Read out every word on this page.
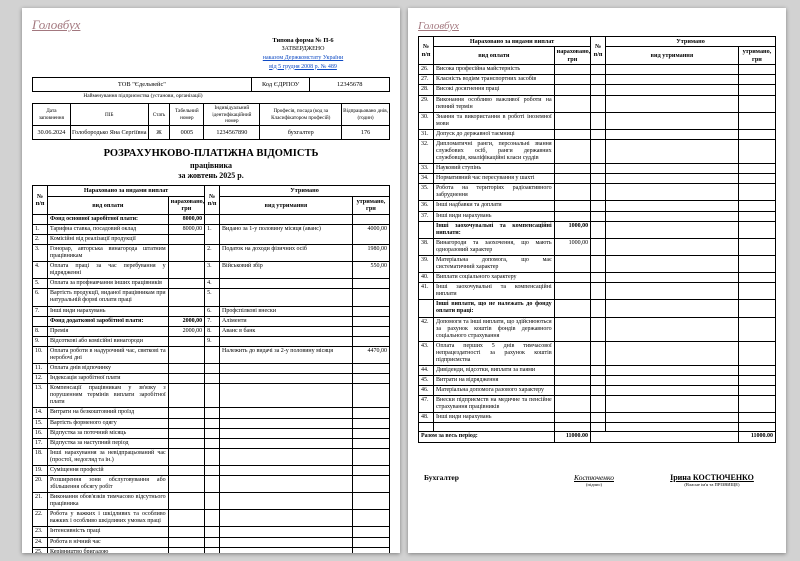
Головбух
Типова форма № П-6
ЗАТВЕРДЖЕНО
наказом Держкомстату України
від 5 грудня 2008 р. № 489
ТОВ "Єдельвейс"	Код ЄДРПОУ	12345678
Найменування підприємства (установи, організації)
Дата заповнення	ПІБ	Стать	Табельний номер	Індивідуальний ідентифікаційний номер	Професія, посада (код за Класифікатором професій)	Відпрацьовано днів, (годин)
30.06.2024	Голобородько Яна Сергіївна	Ж	0005	1234567890	бухгалтер	176
РОЗРАХУНКОВО-ПЛАТІЖНА ВІДОМІСТЬ
працівника
за жовтень 2025 р.
№ п/п	Нараховано за видами виплат		№ п/п	Утримано	
	вид оплати	нараховано, грн		вид утримання	утримано, грн
	Фонд основної заробітної плати:	8000,00			
1.	Тарифна ставка, посадовий оклад	8000,00	1.	Видано за 1-у половину місяця (аванс)	4000,00
2.	Комісійні від реалізації продукції				
3.	Гонорар, авторська винагорода штатним працівникам		2.	Податок на доходи фізичних осіб	1980,00
4.	Оплата праці за час перебування у відрядженні		3.	Військовий збір	550,00
5.	Оплата за профнавчання інших працівників		4.		
6.	Вартість продукції, виданої працівникам при натуральній формі оплати праці		5.		
7.	Інші види нарахувань		6.	Профспілкові внески	
	Фонд додаткової заробітної плати:	2000,00	7.	Аліменти	
8.	Премія	2000,00	8.	Аванс в банк	
9.	Відсоткові або комісійні винагороди		9.		
10.	Оплата роботи в надурочний час, святкові та неробочі дні			Належить до видачі за 2-у половину місяця	4470,00
11.	Оплата днів відпочинку				
12.	Індексація заробітної плати				
13.	Компенсації працівникам у зв'язку з порушенням термінів виплати заробітної плати				
14.	Витрати на безкоштовний проїзд				
15.	Вартість форменого одягу				
16.	Відпустка за поточний місяць				
17.	Відпустка за наступний період				
18.	Інші нарахування за невідпрацьований час (простої, недогляд та ін.)				
19.	Суміщення професій				
20.	Розширення зони обслуговування або збільшення обсягу робіт				
21.	Виконання обов'язків тимчасово відсутнього працівника				
22.	Робота у важких і шкідливих та особливо важких і особливо шкідливих умовах праці				
23.	Інтенсивність праці				
24.	Робота в нічний час				
25.	Керівництво бригадою				
Головбух
№ п/п	Нараховано за видами виплат		№ п/п	Утримано	
	вид оплати	нараховано, грн		вид утримання	утримано, грн
26.	Висока професійна майстерність				
27.	Класність водіям транспортних засобів				
28.	Високі досягнення праці				
29.	Виконання особливо важливої роботи на певний термін				
30.	Знання та використання в роботі іноземної мови				
31.	Допуск до державної таємниці				
32.	Дипломатичні ранги, персональні звання службових осіб, ранги державних службовців, кваліфікаційні класи суддів				
33.	Науковий ступінь				
34.	Нормативний час пересування у шахті				
35.	Робота на територіях радіоактивного забруднення				
36.	Інші надбавки та доплати				
37.	Інші види нарахувань				
	Інші заохочувальні та компенсаційні виплати:	1000,00			
38.	Винагороди та заохочення, що мають одноразовий характер	1000,00			
39.	Матеріальна допомога, що має систематичний характер				
40.	Виплати соціального характеру				
41.	Інші заохочувальні та компенсаційні виплати				
	Інші виплати, що не належать до фонду оплати праці:				
42.	Допомоги та інші виплати, що здійснюються за рахунок коштів фондів державного соціального страхування				
43.	Оплата перших 5 днів тимчасової непрацездатності за рахунок коштів підприємства				
44.	Дивіденди, відсотки, виплати за паями				
45.	Витрати на відрядження				
46.	Матеріальна допомога разового характеру				
47.	Внески підприємств на медичне та пенсійне страхування працівників				
48.	Інші види нарахувань				

Разом за весь період:		11000.00			11000.00
Бухгалтер	Костюченко
(підпис)
Ірина КОСТЮЧЕНКО
(Власне ім'я та ПРІЗВИЩЕ)
